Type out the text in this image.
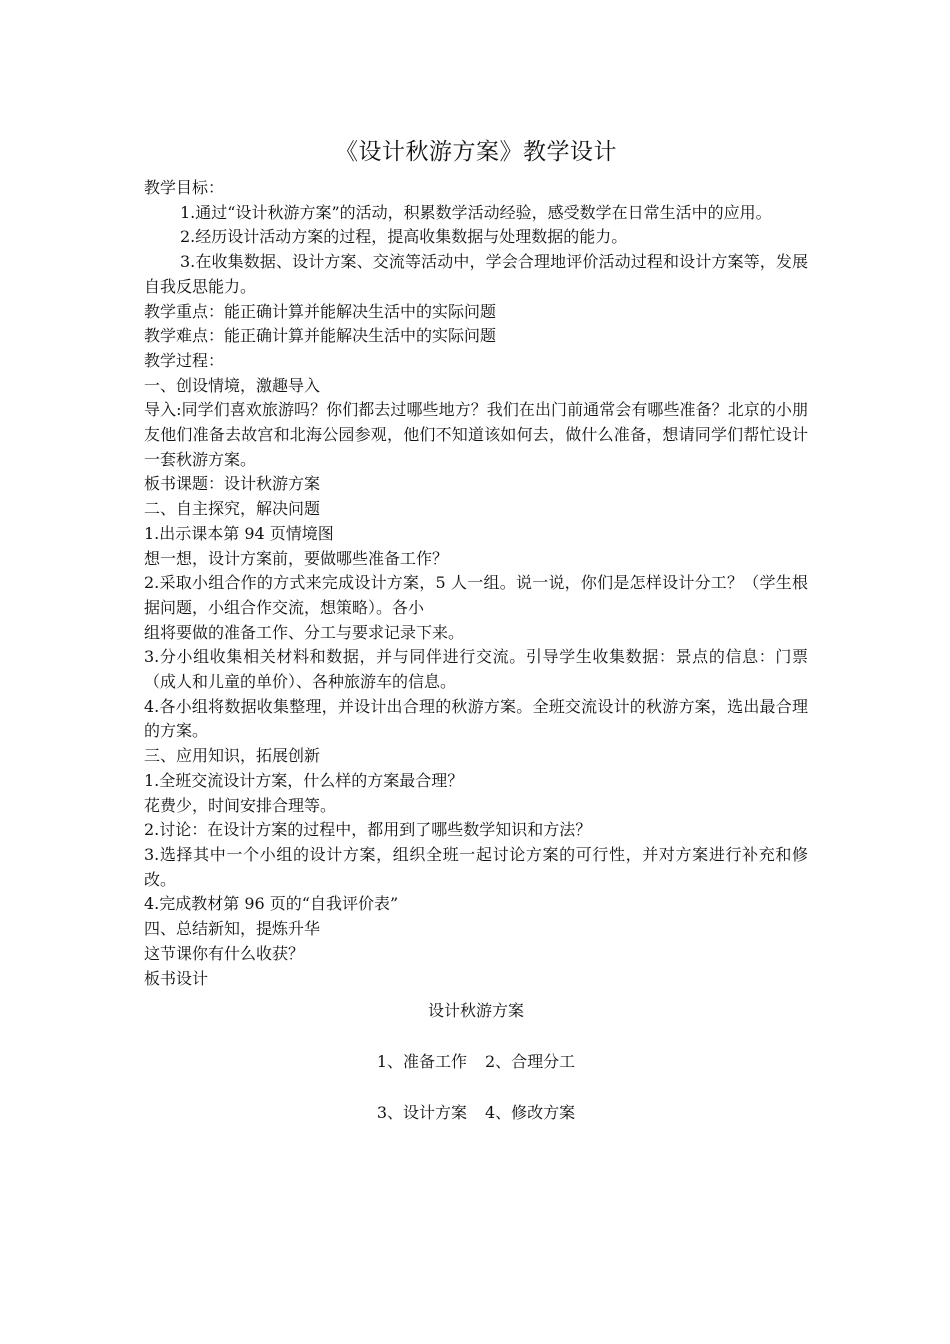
《设计秋游方案》教学设计

教学目标：

1.通过“设计秋游方案”的活动，积累数学活动经验，感受数学在日常生活中的应用。

2.经历设计活动方案的过程，提高收集数据与处理数据的能力。

3.在收集数据、设计方案、交流等活动中，学会合理地评价活动过程和设计方案等，发展自我反思能力。

教学重点：能正确计算并能解决生活中的实际问题

教学难点：能正确计算并能解决生活中的实际问题

教学过程：

一、创设情境，激趣导入

导入:同学们喜欢旅游吗？你们都去过哪些地方？我们在出门前通常会有哪些准备？北京的小朋友他们准备去故宫和北海公园参观，他们不知道该如何去，做什么准备，想请同学们帮忙设计一套秋游方案。

板书课题：设计秋游方案

二、自主探究，解决问题

1.出示课本第 94 页情境图

想一想，设计方案前，要做哪些准备工作？

2.采取小组合作的方式来完成设计方案，5 人一组。说一说，你们是怎样设计分工？（学生根据问题，小组合作交流，想策略）。各小

组将要做的准备工作、分工与要求记录下来。

3.分小组收集相关材料和数据，并与同伴进行交流。引导学生收集数据：景点的信息：门票（成人和儿童的单价）、各种旅游车的信息。

4.各小组将数据收集整理，并设计出合理的秋游方案。全班交流设计的秋游方案，选出最合理的方案。

三、应用知识，拓展创新

1.全班交流设计方案，什么样的方案最合理？

花费少，时间安排合理等。

2.讨论：在设计方案的过程中，都用到了哪些数学知识和方法？

3.选择其中一个小组的设计方案，组织全班一起讨论方案的可行性，并对方案进行补充和修改。

4.完成教材第 96 页的“自我评价表”

四、总结新知，提炼升华

这节课你有什么收获？

板书设计

设计秋游方案

1、准备工作 2、合理分工

3、设计方案 4、修改方案
